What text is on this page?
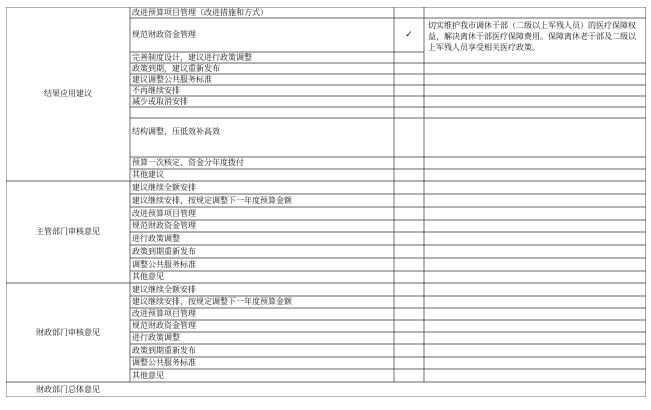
结果应用建议
主管部门审核意见
财政部门审核意见
财政部门总体意见
改进预算项目管理（改进措施和方式）
规范财政资金管理
完善制度设计，建议进行政策调整
政策到期，建议重新发布
建议调整公共服务标准
不再继续安排
减少或取消安排
结构调整，压低效补高效
预算一次核定、资金分年度拨付
其他建议
✓
切实维护我市调休干部（二级以上军残人员）的医疗保障权益，解决离休干部医疗保障费用。保障离休老干部及二级以上军残人员享受相关医疗政策。
建议继续全额安排
建议继续安排，按规定调整下一年度预算金额
改进预算项目管理
规范财政资金管理
进行政策调整
政策到期重新发布
调整公共服务标准
其他意见
建议继续全额安排
建议继续安排，按规定调整下一年度预算金额
改进预算项目管理
规范财政资金管理
进行政策调整
政策到期重新发布
调整公共服务标准
其他意见
